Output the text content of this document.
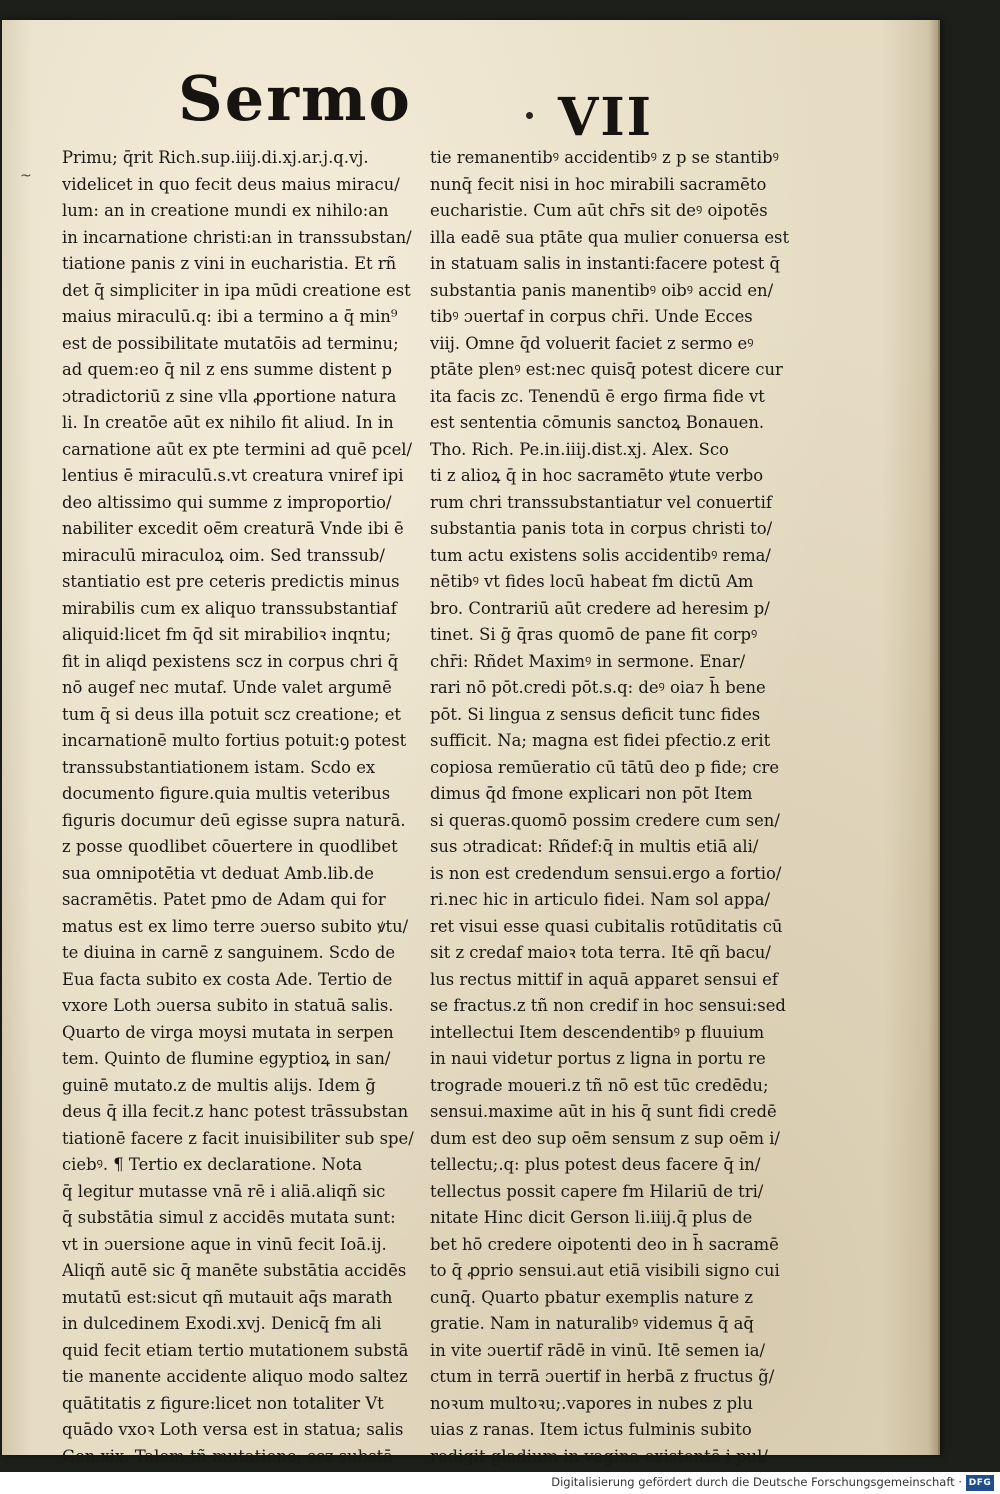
Sermo	VII
~
Primu; q̄rit Rich.sup.iiij.di.xj.ar.j.q.vj.
videlicet in quo fecit deus maius miracu/
lum: an in creatione mundi ex nihilo:an
in incarnatione christi:an in transsubstan/
tiatione panis z vini in eucharistia. Et rñ
det q̄ simpliciter in ipa mūdi creatione est
maius miraculū.q: ibi a termino a q̄ min⁹
est de possibilitate mutatōis ad terminu;
ad quem:eo q̄ nil z ens summe distent p
ɔtradictoriū z sine vlla ꝓportione natura
li. In creatōe aūt ex nihilo fit aliud. In in
carnatione aūt ex pte termini ad quē pcel/
lentius ē miraculū.s.vt creatura vniref ipi
deo altissimo qui summe z improportio/
nabiliter excedit oēm creaturā Vnde ibi ē
miraculū miraculoꝝ oim. Sed transsub/
stantiatio est pre ceteris predictis minus
mirabilis cum ex aliquo transsubstantiaf
aliquid:licet fm q̄d sit mirabilioꝛ inqntu;
fit in aliqd pexistens scz in corpus chri q̄
nō augef nec mutaf. Unde valet argumē
tum q̄ si deus illa potuit scz creatione; et
incarnationē multo fortius potuit:ꝯ potest
transsubstantiationem istam. Scdo ex
documento figure.quia multis veteribus
figuris documur deū egisse supra naturā.
z posse quodlibet cōuertere in quodlibet
sua omnipotētia vt deduat Amb.lib.de
sacramētis. Patet pmo de Adam qui for
matus est ex limo terre ɔuerso subito ꝟtu/
te diuina in carnē z sanguinem. Scdo de
Eua facta subito ex costa Ade. Tertio de
vxore Loth ɔuersa subito in statuā salis.
Quarto de virga moysi mutata in serpen
tem. Quinto de flumine egyptioꝝ in san/
guinē mutato.z de multis alijs. Idem ḡ
deus q̄ illa fecit.z hanc potest trāssubstan
tiationē facere z facit inuisibiliter sub spe/
ciebꝰ. ¶ Tertio ex declaratione. Nota
q̄ legitur mutasse vnā rē i aliā.aliqñ sic
q̄ substātia simul z accidēs mutata sunt:
vt in ɔuersione aque in vinū fecit Ioā.ij.
Aliqñ autē sic q̄ manēte substātia accidēs
mutatū est:sicut qñ mutauit aq̄s marath
in dulcedinem Exodi.xvj. Denicq̄ fm ali
quid fecit etiam tertio mutationem substā
tie manente accidente aliquo modo saltez
quātitatis z figure:licet non totaliter Vt
quādo vxoꝛ Loth versa est in statua; salis
Gen.xix. Talem tñ mutatione; scz substā
tie remanentibꝰ accidentibꝰ z p se stantibꝰ
nunq̄ fecit nisi in hoc mirabili sacramēto
eucharistie. Cum aūt chr̄s sit deꝰ oipotēs
illa eadē sua ptāte qua mulier conuersa est
in statuam salis in instanti:facere potest q̄
substantia panis manentibꝰ oibꝰ accid en/
tibꝰ ɔuertaf in corpus chr̄i. Unde Ecces
viij. Omne q̄d voluerit faciet z sermo eꝰ
ptāte plenꝰ est:nec quisq̄ potest dicere cur
ita facis zc. Tenendū ē ergo firma fide vt
est sententia cōmunis sanctoꝝ Bonauen.
Tho. Rich. Pe.in.iiij.dist.xj. Alex. Sco
ti z alioꝝ q̄ in hoc sacramēto ꝟtute verbo
rum chri transsubstantiatur vel conuertif
substantia panis tota in corpus christi to/
tum actu existens solis accidentibꝰ rema/
nētibꝰ vt fides locū habeat fm dictū Am
bro. Contrariū aūt credere ad heresim p/
tinet. Si ḡ q̄ras quomō de pane fit corpꝰ
chr̄i: Rñdet Maximꝰ in sermone. Enar/
rari nō pōt.credi pōt.s.q: deꝰ oia⁊ h̄ bene
pōt. Si lingua z sensus deficit tunc fides
sufficit. Na; magna est fidei pfectio.z erit
copiosa remūeratio cū tātū deo p fide; cre
dimus q̄d fmone explicari non pōt Item
si queras.quomō possim credere cum sen/
sus ɔtradicat: Rñdef:q̄ in multis etiā ali/
is non est credendum sensui.ergo a fortio/
ri.nec hic in articulo fidei. Nam sol appa/
ret visui esse quasi cubitalis rotūditatis cū
sit z credaf maioꝛ tota terra. Itē qñ bacu/
lus rectus mittif in aquā apparet sensui ef
se fractus.z tñ non credif in hoc sensui:sed
intellectui Item descendentibꝰ p fluuium
in naui videtur portus z ligna in portu re
trogrаde moueri.z tñ nō est tūc credēdu;
sensui.maxime aūt in his q̄ sunt fidi credē
dum est deo sup oēm sensum z sup oēm i/
tellectu;.q: plus potest deus facere q̄ in/
tellectus possit capere fm Hilariū de tri/
nitate Hinc dicit Gerson li.iiij.q̄ plus de
bet hō credere oipotenti deo in h̄ sacramē
to q̄ ꝓprio sensui.aut etiā visibili signo cui
cunq̄. Quarto pbatur exemplis nature z
gratie. Nam in naturalibꝰ videmus q̄ aq̄
in vite ɔuertif rādē in vinū. Itē semen ia/
ctum in terrā ɔuertif in herbā z fructus g̃/
noꝛum multoꝛu;.vapores in nubes z plu
uias z ranas. Item ictus fulminis subito
redigit gladium in vagina existentē i pul/
Digitalisierung gefördert durch die Deutsche Forschungsgemeinschaft · DFG
